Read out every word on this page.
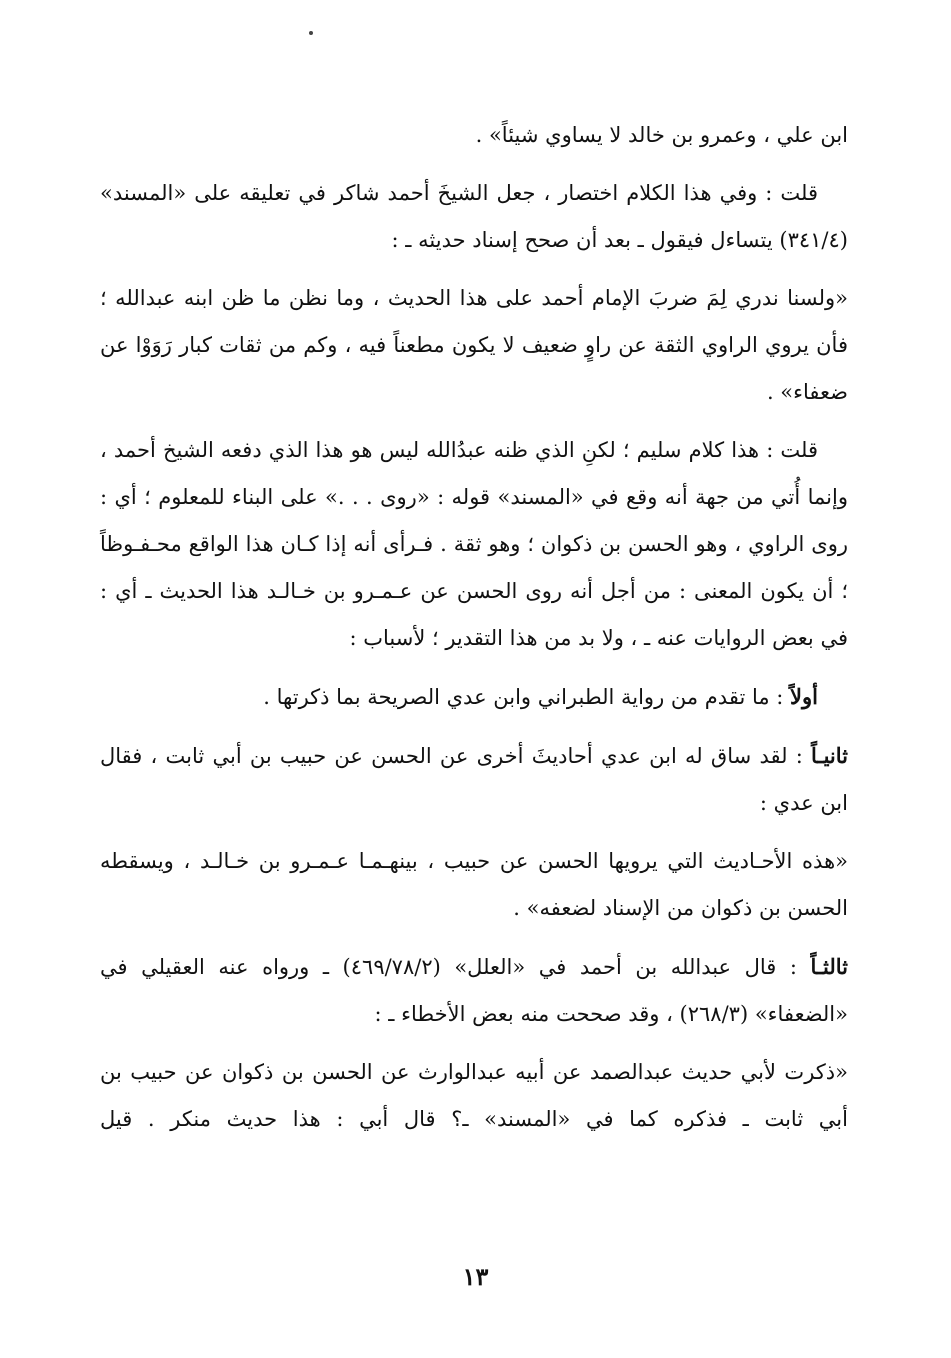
ابن علي ، وعمرو بن خالد لا يساوي شيئاً» .

قلت : وفي هذا الكلام اختصار ، جعل الشيخَ أحمد شاكر في تعليقه على «المسند» (٣٤١/٤) يتساءل فيقول ـ بعد أن صحح إسناد حديثه ـ :

«ولسنا ندري لِمَ ضربَ الإمام أحمد على هذا الحديث ، وما نظن ما ظن ابنه عبدالله ؛ فأن يروي الراوي الثقة عن راوٍ ضعيف لا يكون مطعناً فيه ، وكم من ثقات كبار رَوَوْا عن ضعفاء» .

قلت : هذا كلام سليم ؛ لكنِ الذي ظنه عبدُالله ليس هو هذا الذي دفعه الشيخ أحمد ، وإنما أُتي من جهة أنه وقع في «المسند» قوله : «روى . . .» على البناء للمعلوم ؛ أي : روى الراوي ، وهو الحسن بن ذكوان ؛ وهو ثقة . فـرأى أنه إذا كـان هذا الواقع محـفـوظاً ؛ أن يكون المعنى : من أجل أنه روى الحسن عن عـمـرو بن خـالـد هذا الحديث ـ أي : في بعض الروايات عنه ـ ، ولا بد من هذا التقدير ؛ لأسباب :

أولاً : ما تقدم من رواية الطبراني وابن عدي الصريحة بما ذكرتها .

ثانيـاً : لقد ساق له ابن عدي أحاديثَ أخرى عن الحسن عن حبيب بن أبي ثابت ، فقال ابن عدي :

«هذه الأحـاديث التي يرويها الحسن عن حبيب ، بينهـمـا عـمـرو بن خـالـد ، ويسقطه الحسن بن ذكوان من الإسناد لضعفه» .

ثالثـاً : قال عبدالله بن أحمد في «العلل» (٤٦٩/٧٨/٢) ـ ورواه عنه العقيلي في «الضعفاء» (٢٦٨/٣) ، وقد صححت منه بعض الأخطاء ـ :

«ذكرت لأبي حديث عبدالصمد عن أبيه عبدالوارث عن الحسن بن ذكوان عن حبيب بن أبي ثابت ـ فذكره كما في «المسند» ـ؟ قال أبي : هذا حديث منكر . قيل

١٣
